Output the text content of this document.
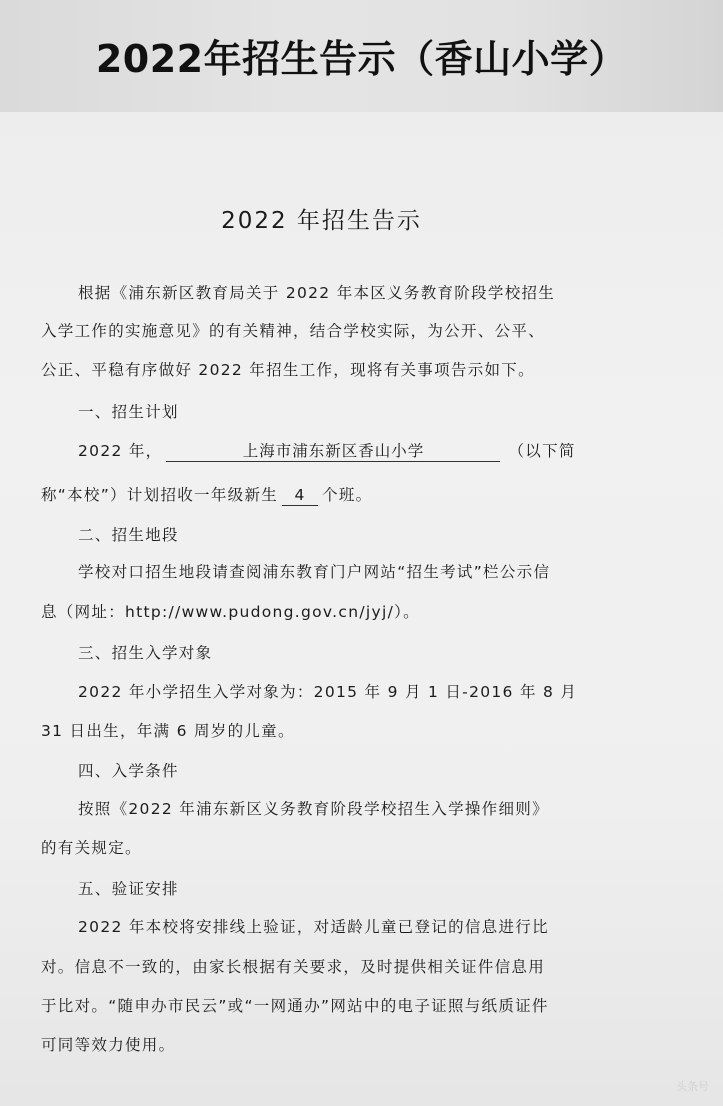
2022年招生告示（香山小学）
2022 年招生告示
根据《浦东新区教育局关于 2022 年本区义务教育阶段学校招生
入学工作的实施意见》的有关精神，结合学校实际，为公开、公平、
公正、平稳有序做好 2022 年招生工作，现将有关事项告示如下。
一、招生计划
2022 年，	上海市浦东新区香山小学	（以下简
称“本校”）计划招收一年级新生 4 个班。
二、招生地段
学校对口招生地段请查阅浦东教育门户网站“招生考试”栏公示信
息（网址：http://www.pudong.gov.cn/jyj/）。
三、招生入学对象
2022 年小学招生入学对象为：2015 年 9 月 1 日-2016 年 8 月
31 日出生，年满 6 周岁的儿童。
四、入学条件
按照《2022 年浦东新区义务教育阶段学校招生入学操作细则》
的有关规定。
五、验证安排
2022 年本校将安排线上验证，对适龄儿童已登记的信息进行比
对。信息不一致的，由家长根据有关要求，及时提供相关证件信息用
于比对。“随申办市民云”或“一网通办”网站中的电子证照与纸质证件
可同等效力使用。
头条号
